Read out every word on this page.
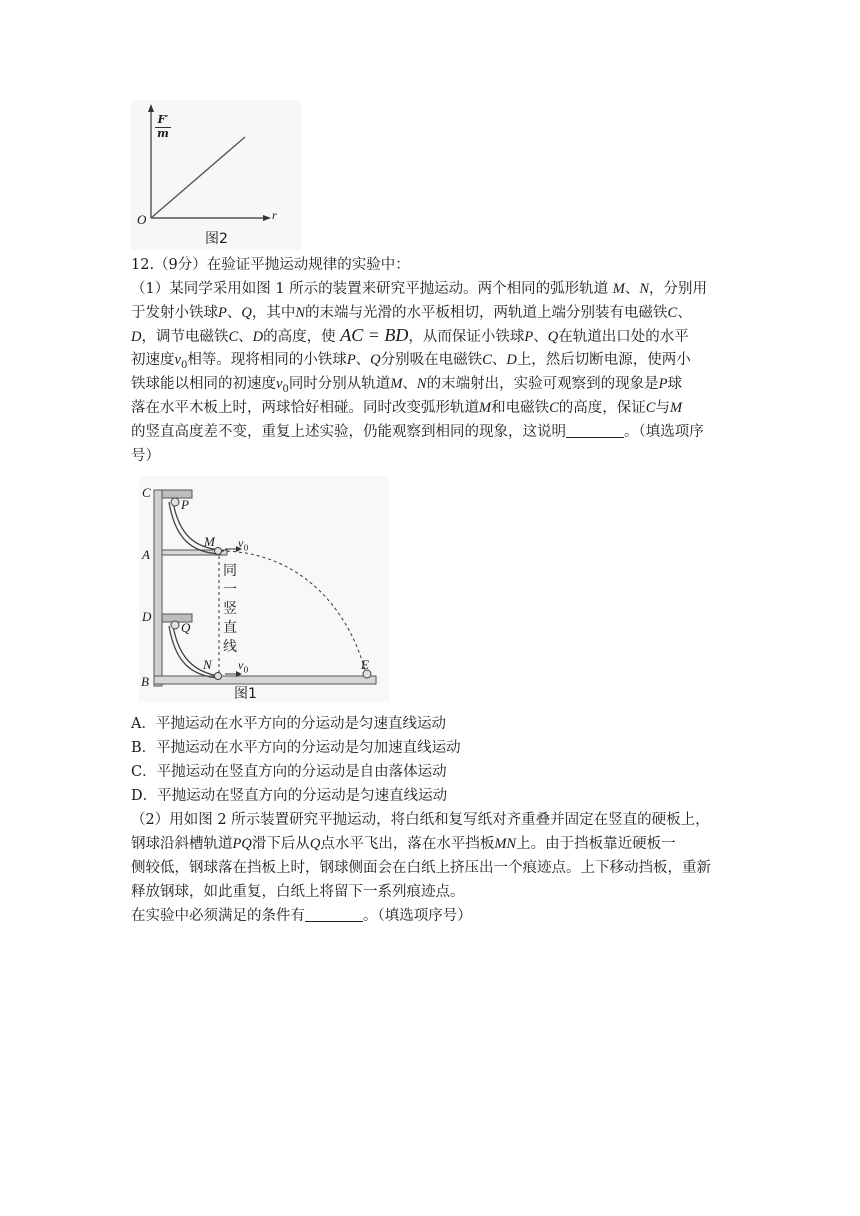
F′
m
O	r
图2
12.（9分）在验证平抛运动规律的实验中：
（1）某同学采用如图 1 所示的装置来研究平抛运动。两个相同的弧形轨道 M、N，分别用
于发射小铁球P、Q，其中N的末端与光滑的水平板相切，两轨道上端分别装有电磁铁C、
D，调节电磁铁C、D的高度，使 AC = BD，从而保证小铁球P、Q在轨道出口处的水平
初速度$v_0$相等。现将相同的小铁球P、Q分别吸在电磁铁C、D上，然后切断电源，使两小
铁球能以相同的初速度$v_0$同时分别从轨道M、N的末端射出，实验可观察到的现象是P球
落在水平木板上时，两球恰好相碰。同时改变弧形轨道M和电磁铁C的高度，保证C与M
的竖直高度差不变，重复上述实验，仍能观察到相同的现象，这说明	。（填选项序
号）
C
P
A
M $v_0$
D
Q
N $v_0$
B
E
同
一
竖
直
线
图1
A．平抛运动在水平方向的分运动是匀速直线运动
B．平抛运动在水平方向的分运动是匀加速直线运动
C．平抛运动在竖直方向的分运动是自由落体运动
D．平抛运动在竖直方向的分运动是匀速直线运动
（2）用如图 2 所示装置研究平抛运动，将白纸和复写纸对齐重叠并固定在竖直的硬板上，
钢球沿斜槽轨道PQ滑下后从Q点水平飞出，落在水平挡板MN上。由于挡板靠近硬板一
侧较低，钢球落在挡板上时，钢球侧面会在白纸上挤压出一个痕迹点。上下移动挡板，重新
释放钢球，如此重复，白纸上将留下一系列痕迹点。
在实验中必须满足的条件有	。（填选项序号）
